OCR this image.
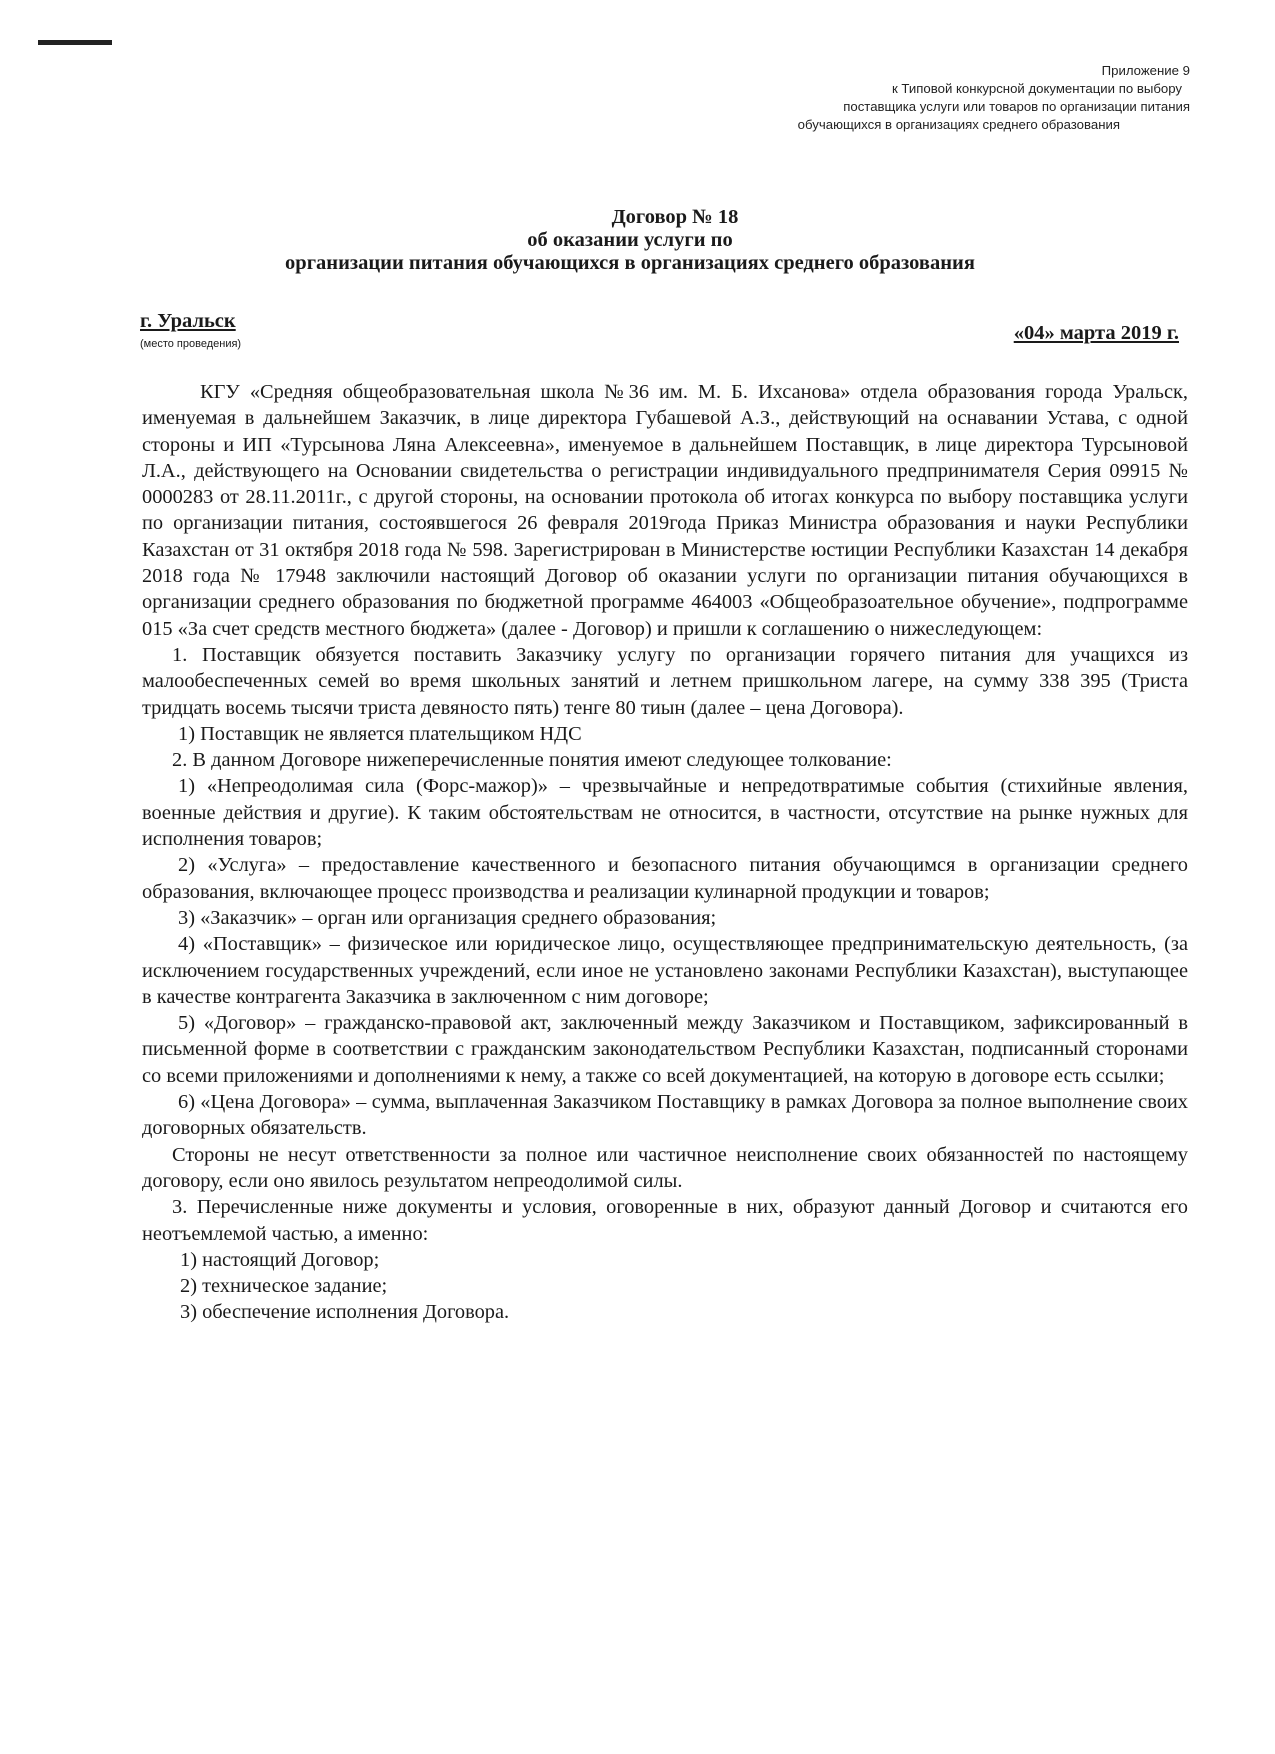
Приложение 9
к Типовой конкурсной документации по выбору
поставщика услуги или товаров по организации питания
обучающихся в организациях среднего образования
Договор № 18
об оказании услуги по
организации питания обучающихся в организациях среднего образования
г. Уральск
(место проведения)	«04» марта 2019 г.

КГУ «Средняя общеобразовательная школа №36 им. М. Б. Ихсанова» отдела образования города Уральск, именуемая в дальнейшем Заказчик, в лице директора Губашевой А.З., действующий на оснавании Устава, с одной стороны и ИП «Турсынова Ляна Алексеевна», именуемое в дальнейшем Поставщик, в лице директора Турсыновой Л.А., действующего на Основании свидетельства о регистрации индивидуального предпринимателя Серия 09915 № 0000283 от 28.11.2011г., с другой стороны, на основании протокола об итогах конкурса по выбору поставщика услуги по организации питания, состоявшегося 26 февраля 2019года Приказ Министра образования и науки Республики Казахстан от 31 октября 2018 года № 598. Зарегистрирован в Министерстве юстиции Республики Казахстан 14 декабря 2018 года № 17948 заключили настоящий Договор об оказании услуги по организации питания обучающихся в организации среднего образования по бюджетной программе 464003 «Общеобразоательное обучение», подпрограмме 015 «За счет средств местного бюджета» (далее - Договор) и пришли к соглашению о нижеследующем:

1. Поставщик обязуется поставить Заказчику услугу по организации горячего питания для учащихся из малообеспеченных семей во время школьных занятий и летнем пришкольном лагере, на сумму 338 395 (Триста тридцать восемь тысячи триста девяносто пять) тенге 80 тиын (далее – цена Договора).

1) Поставщик не является плательщиком НДС

2. В данном Договоре нижеперечисленные понятия имеют следующее толкование:

1) «Непреодолимая сила (Форс-мажор)» – чрезвычайные и непредотвратимые события (стихийные явления, военные действия и другие). К таким обстоятельствам не относится, в частности, отсутствие на рынке нужных для исполнения товаров;

2) «Услуга» – предоставление качественного и безопасного питания обучающимся в организации среднего образования, включающее процесс производства и реализации кулинарной продукции и товаров;

3) «Заказчик» – орган или организация среднего образования;

4) «Поставщик» – физическое или юридическое лицо, осуществляющее предпринимательскую деятельность, (за исключением государственных учреждений, если иное не установлено законами Республики Казахстан), выступающее в качестве контрагента Заказчика в заключенном с ним договоре;

5) «Договор» – гражданско-правовой акт, заключенный между Заказчиком и Поставщиком, зафиксированный в письменной форме в соответствии с гражданским законодательством Республики Казахстан, подписанный сторонами со всеми приложениями и дополнениями к нему, а также со всей документацией, на которую в договоре есть ссылки;

6) «Цена Договора» – сумма, выплаченная Заказчиком Поставщику в рамках Договора за полное выполнение своих договорных обязательств.

Стороны не несут ответственности за полное или частичное неисполнение своих обязанностей по настоящему договору, если оно явилось результатом непреодолимой силы.

3. Перечисленные ниже документы и условия, оговоренные в них, образуют данный Договор и считаются его неотъемлемой частью, а именно:

1) настоящий Договор;

2) техническое задание;

3) обеспечение исполнения Договора.
